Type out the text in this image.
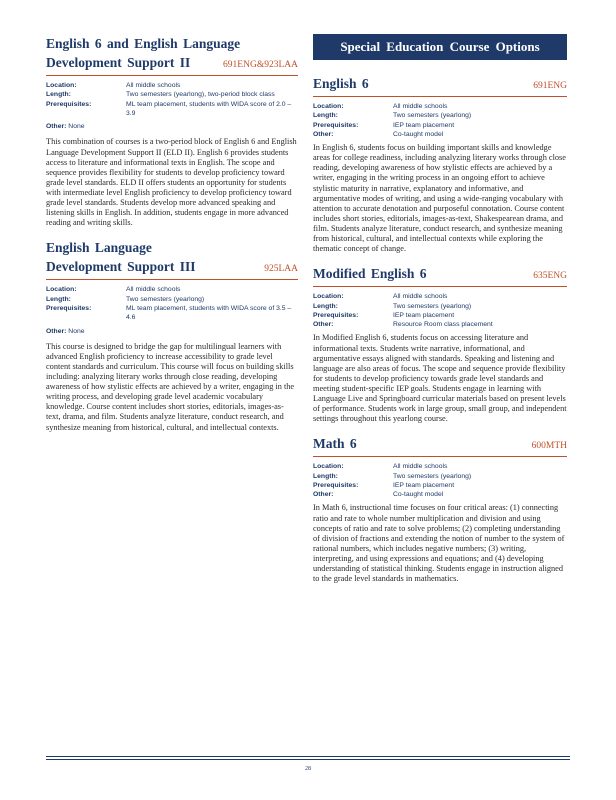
English 6 and English Language
Development Support II	691ENG&923LAA
Location:	All middle schools
Length:	Two semesters (yearlong), two-period block class
Prerequisites:	ML team placement, students with WIDA score of 2.0 – 3.9
Other: None

This combination of courses is a two-period block of English 6 and English Language Development Support II (ELD II). English 6 provides students access to literature and informational texts in English. The scope and sequence provides flexibility for students to develop proficiency toward grade level standards. ELD II offers students an opportunity for students with intermediate level English proficiency to develop proficiency toward grade level standards. Students develop more advanced speaking and listening skills in English. In addition, students engage in more advanced reading and writing skills.

English Language
Development Support III	925LAA
Location:	All middle schools
Length:	Two semesters (yearlong)
Prerequisites:	ML team placement, students with WIDA score of 3.5 – 4.6
Other: None

This course is designed to bridge the gap for multilingual learners with advanced English proficiency to increase accessibility to grade level content standards and curriculum. This course will focus on building skills including: analyzing literary works through close reading, developing awareness of how stylistic effects are achieved by a writer, engaging in the writing process, and developing grade level academic vocabulary knowledge. Course content includes short stories, editorials, images-as-text, drama, and film. Students analyze literature, conduct research, and synthesize meaning from historical, cultural, and intellectual contexts.

Special Education Course Options
English 6	691ENG
Location:	All middle schools
Length:	Two semesters (yearlong)
Prerequisites:	IEP team placement
Other:	Co-taught model

In English 6, students focus on building important skills and knowledge areas for college readiness, including analyzing literary works through close reading, developing awareness of how stylistic effects are achieved by a writer, engaging in the writing process in an ongoing effort to achieve stylistic maturity in narrative, explanatory and informative, and argumentative modes of writing, and using a wide-ranging vocabulary with attention to accurate denotation and purposeful connotation. Course content includes short stories, editorials, images-as-text, Shakespearean drama, and film. Students analyze literature, conduct research, and synthesize meaning from historical, cultural, and intellectual contexts while exploring the thematic concept of change.

Modified English 6	635ENG
Location:	All middle schools
Length:	Two semesters (yearlong)
Prerequisites:	IEP team placement
Other:	Resource Room class placement

In Modified English 6, students focus on accessing literature and informational texts. Students write narrative, informational, and argumentative essays aligned with standards. Speaking and listening and language are also areas of focus. The scope and sequence provide flexibility for students to develop proficiency towards grade level standards and meeting student-specific IEP goals. Students engage in learning with Language Live and Springboard curricular materials based on present levels of performance. Students work in large group, small group, and independent settings throughout this yearlong course.

Math 6	600MTH
Location:	All middle schools
Length:	Two semesters (yearlong)
Prerequisites:	IEP team placement
Other:	Co-taught model

In Math 6, instructional time focuses on four critical areas: (1) connecting ratio and rate to whole number multiplication and division and using concepts of ratio and rate to solve problems; (2) completing understanding of division of fractions and extending the notion of number to the system of rational numbers, which includes negative numbers; (3) writing, interpreting, and using expressions and equations; and (4) developing understanding of statistical thinking. Students engage in instruction aligned to the grade level standards in mathematics.

28
